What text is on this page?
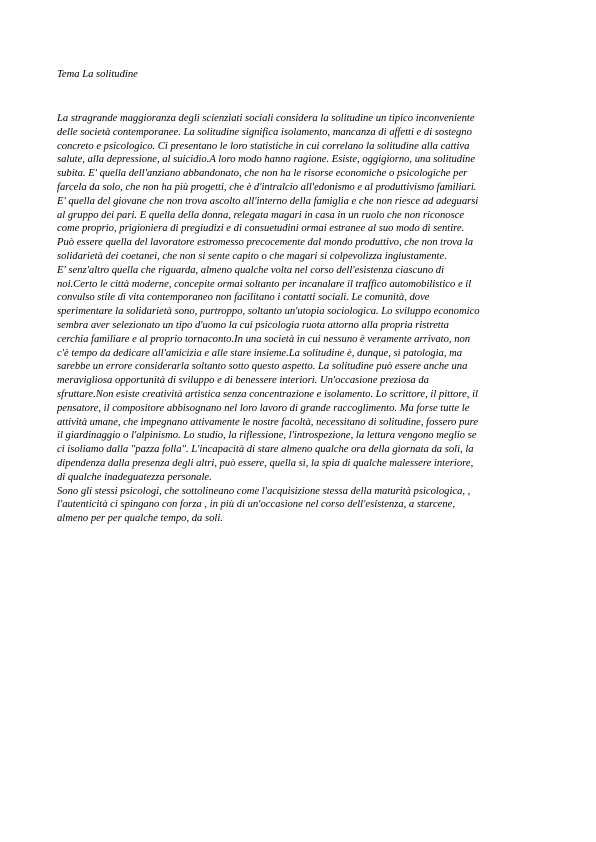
Tema La solitudine
La stragrande maggioranza degli scienziati sociali considera la solitudine un tipico inconveniente
delle società contemporanee. La solitudine significa isolamento, mancanza di affetti e di sostegno
concreto e psicologico. Ci presentano le loro statistiche in cui correlano la solitudine alla cattiva
salute, alla depressione, al suicidio.A loro modo hanno ragione. Esiste, oggigiorno, una solitudine
subita. E' quella dell'anziano abbandonato, che non ha le risorse economiche o psicologiche per
farcela da solo, che non ha più progetti, che è d'intralcio all'edonismo e al produttivismo familiari.
E' quella del giovane che non trova ascolto all'interno della famiglia e che non riesce ad adeguarsi
al gruppo dei pari. E quella della donna, relegata magari in casa in un ruolo che non riconosce
come proprio, prigioniera di pregiudizi e di consuetudini ormai estranee al suo modo di sentire.
Può essere quella del lavoratore estromesso precocemente dal mondo produttivo, che non trova la
solidarietà dei coetanei, che non si sente capito o che magari si colpevolizza ingiustamente.
E' senz'altro quella che riguarda, almeno qualche volta nel corso dell'esistenza ciascuno di
noi.Certo le città moderne, concepite ormai soltanto per incanalare il traffico automobilistico e il
convulso stile di vita contemporaneo non facilitano i contatti sociali. Le comunità, dove
sperimentare la solidarietà sono, purtroppo, soltanto un'utopia sociologica. Lo sviluppo economico
sembra aver selezionato un tipo d'uomo la cui psicologia ruota attorno alla propria ristretta
cerchia familiare e al proprio tornaconto.In una società in cui nessuno è veramente arrivato, non
c'è tempo da dedicare all'amicizia e alle stare insieme.La solitudine è, dunque, sì patologia, ma
sarebbe un errore considerarla soltanto sotto questo aspetto. La solitudine può essere anche una
meravigliosa opportunità di sviluppo e di benessere interiori. Un'occasione preziosa da
sfruttare.Non esiste creatività artistica senza concentrazione e isolamento. Lo scrittore, il pittore, il
pensatore, il compositore abbisognano nel loro lavoro di grande raccoglimento. Ma forse tutte le
attività umane, che impegnano attivamente le nostre facoltà, necessitano di solitudine, fossero pure
il giardinaggio o l'alpinismo. Lo studio, la riflessione, l'introspezione, la lettura vengono meglio se
ci isoliamo dalla "pazza folla". L'incapacità di stare almeno qualche ora della giornata da soli, la
dipendenza dalla presenza degli altri, può essere, quella sì, la spia di qualche malessere interiore,
di qualche inadeguatezza personale.
Sono gli stessi psicologi, che sottolineano come l'acquisizione stessa della maturità psicologica, ,
l'autenticità ci spingano con forza , in più di un'occasione nel corso dell'esistenza, a starcene,
almeno per per qualche tempo, da soli.
